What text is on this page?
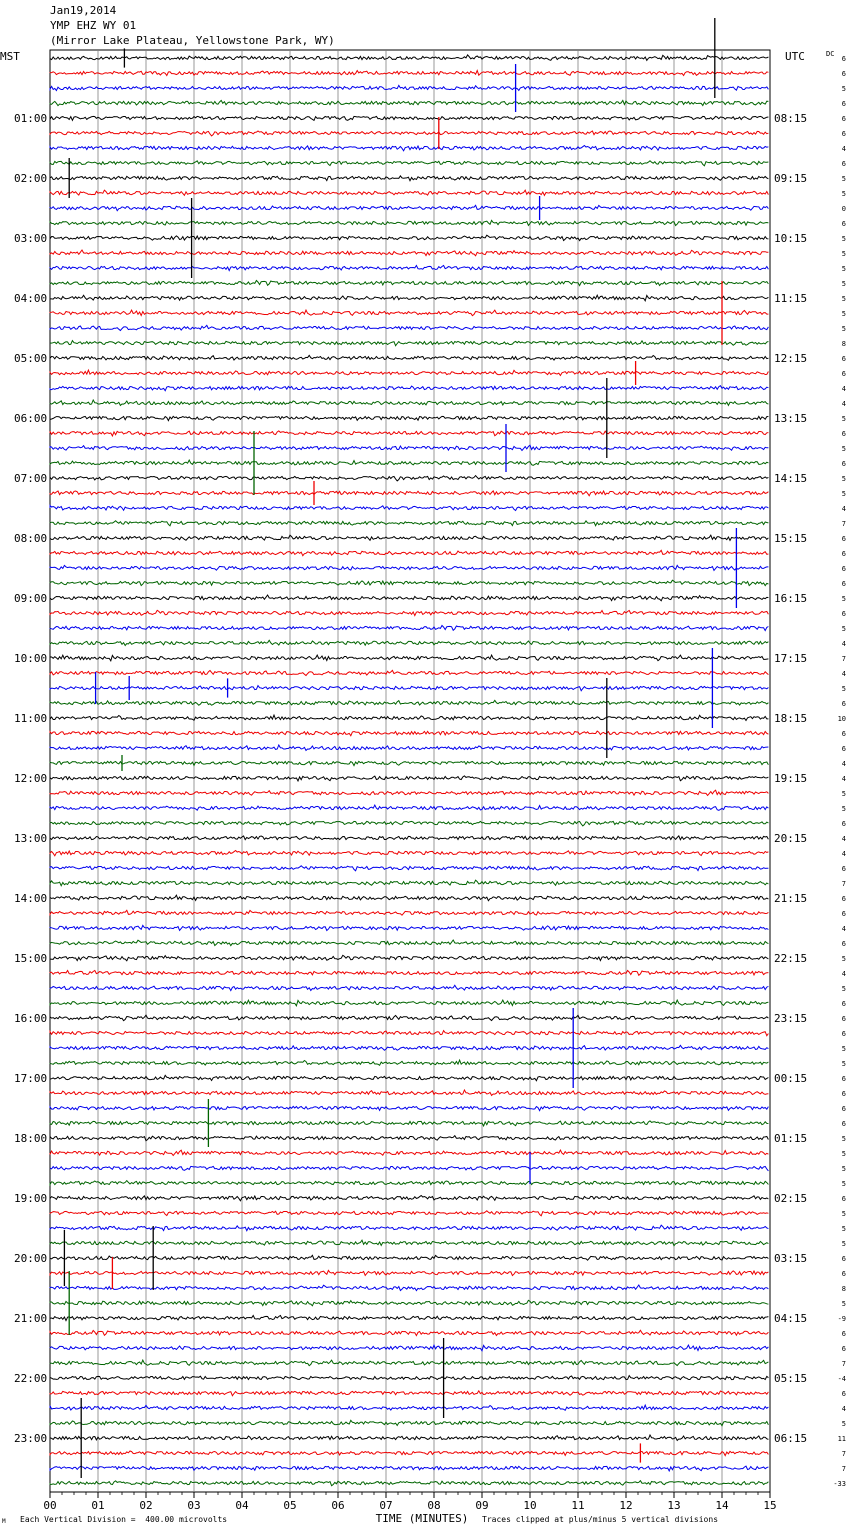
Jan19,2014
YMP EHZ WY 01
(Mirror Lake Plateau, Yellowstone Park, WY)
MST	UTC	DC
TIME (MINUTES)
01:00
02:00
03:00
04:00
05:00
06:00
07:00
08:00
09:00
10:00
11:00
12:00
13:00
14:00
15:00
16:00
17:00
18:00
19:00
20:00
21:00
22:00
23:00
08:15
09:15
10:15
11:15
12:15
13:15
14:15
15:15
16:15
17:15
18:15
19:15
20:15
21:15
22:15
23:15
00:15
01:15
02:15
03:15
04:15
05:15
06:15
6
6
5
6
6
6
4
6
5
5
0
6
5
5
5
5
5
5
5
8
6
6
4
4
5
6
5
6
5
5
4
7
6
6
6
6
5
6
5
4
7
4
5
6
10
6
6
4
4
5
5
6
4
4
6
7
6
6
4
6
5
4
5
6
6
6
5
5
6
6
6
6
5
5
5
5
6
5
5
5
6
6
8
5
-9
6
6
7
-4
6
4
5
11
7
7
-33
00	01	02	03	04	05	06	07	08	09	10	11	12	13	14	15
Each Vertical Division =  400.00 microvolts	Traces clipped at plus/minus 5 vertical divisions
M
